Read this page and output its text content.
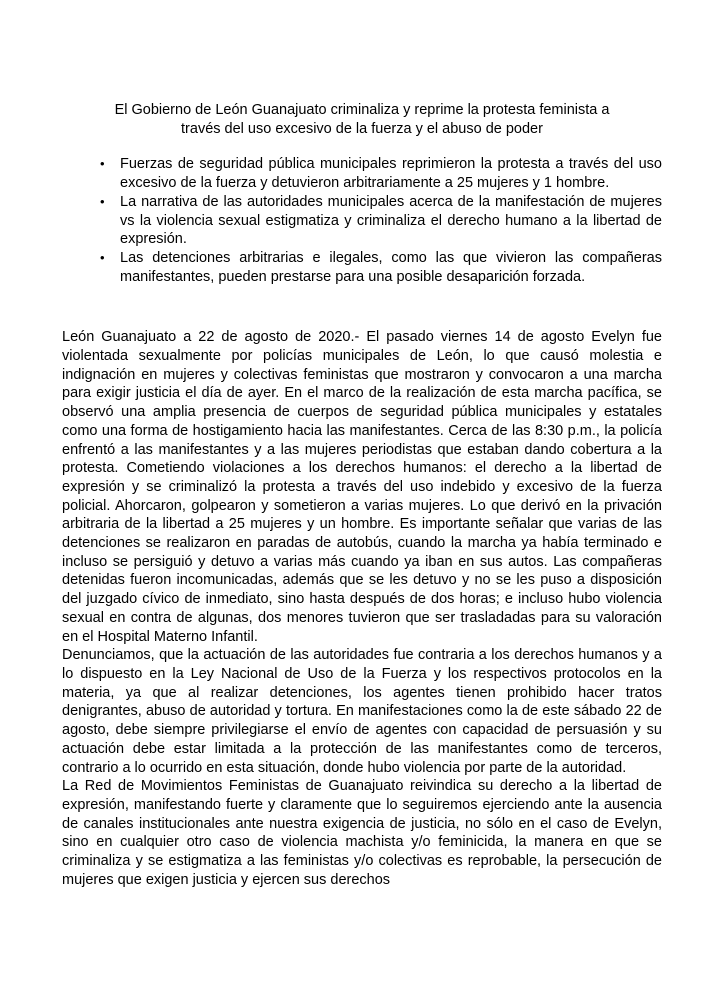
El Gobierno de León Guanajuato criminaliza y reprime la protesta feminista a
través del uso excesivo de la fuerza y el abuso de poder
• Fuerzas de seguridad pública municipales reprimieron la protesta a través del uso excesivo de la fuerza y detuvieron arbitrariamente a 25 mujeres y 1 hombre.
• La narrativa de las autoridades municipales acerca de la manifestación de mujeres vs la violencia sexual estigmatiza y criminaliza el derecho humano a la libertad de expresión.
• Las detenciones arbitrarias e ilegales, como las que vivieron las compañeras manifestantes, pueden prestarse para una posible desaparición forzada.

León Guanajuato a 22 de agosto de 2020.- El pasado viernes 14 de agosto Evelyn fue violentada sexualmente por policías municipales de León, lo que causó molestia e indignación en mujeres y colectivas feministas que mostraron y convocaron a una marcha para exigir justicia el día de ayer. En el marco de la realización de esta marcha pacífica, se observó una amplia presencia de cuerpos de seguridad pública municipales y estatales como una forma de hostigamiento hacia las manifestantes. Cerca de las 8:30 p.m., la policía enfrentó a las manifestantes y a las mujeres periodistas que estaban dando cobertura a la protesta. Cometiendo violaciones a los derechos humanos: el derecho a la libertad de expresión y se criminalizó la protesta a través del uso indebido y excesivo de la fuerza policial. Ahorcaron, golpearon y sometieron a varias mujeres. Lo que derivó en la privación arbitraria de la libertad a 25 mujeres y un hombre. Es importante señalar que varias de las detenciones se realizaron en paradas de autobús, cuando la marcha ya había terminado e incluso se persiguió y detuvo a varias más cuando ya iban en sus autos. Las compañeras detenidas fueron incomunicadas, además que se les detuvo y no se les puso a disposición del juzgado cívico de inmediato, sino hasta después de dos horas; e incluso hubo violencia sexual en contra de algunas, dos menores tuvieron que ser trasladadas para su valoración en el Hospital Materno Infantil.

Denunciamos, que la actuación de las autoridades fue contraria a los derechos humanos y a lo dispuesto en la Ley Nacional de Uso de la Fuerza y los respectivos protocolos en la materia, ya que al realizar detenciones, los agentes tienen prohibido hacer tratos denigrantes, abuso de autoridad y tortura. En manifestaciones como la de este sábado 22 de agosto, debe siempre privilegiarse el envío de agentes con capacidad de persuasión y su actuación debe estar limitada a la protección de las manifestantes como de terceros, contrario a lo ocurrido en esta situación, donde hubo violencia por parte de la autoridad.

La Red de Movimientos Feministas de Guanajuato reivindica su derecho a la libertad de expresión, manifestando fuerte y claramente que lo seguiremos ejerciendo ante la ausencia de canales institucionales ante nuestra exigencia de justicia, no sólo en el caso de Evelyn, sino en cualquier otro caso de violencia machista y/o feminicida, la manera en que se criminaliza y se estigmatiza a las feministas y/o colectivas es reprobable, la persecución de mujeres que exigen justicia y ejercen sus derechos
